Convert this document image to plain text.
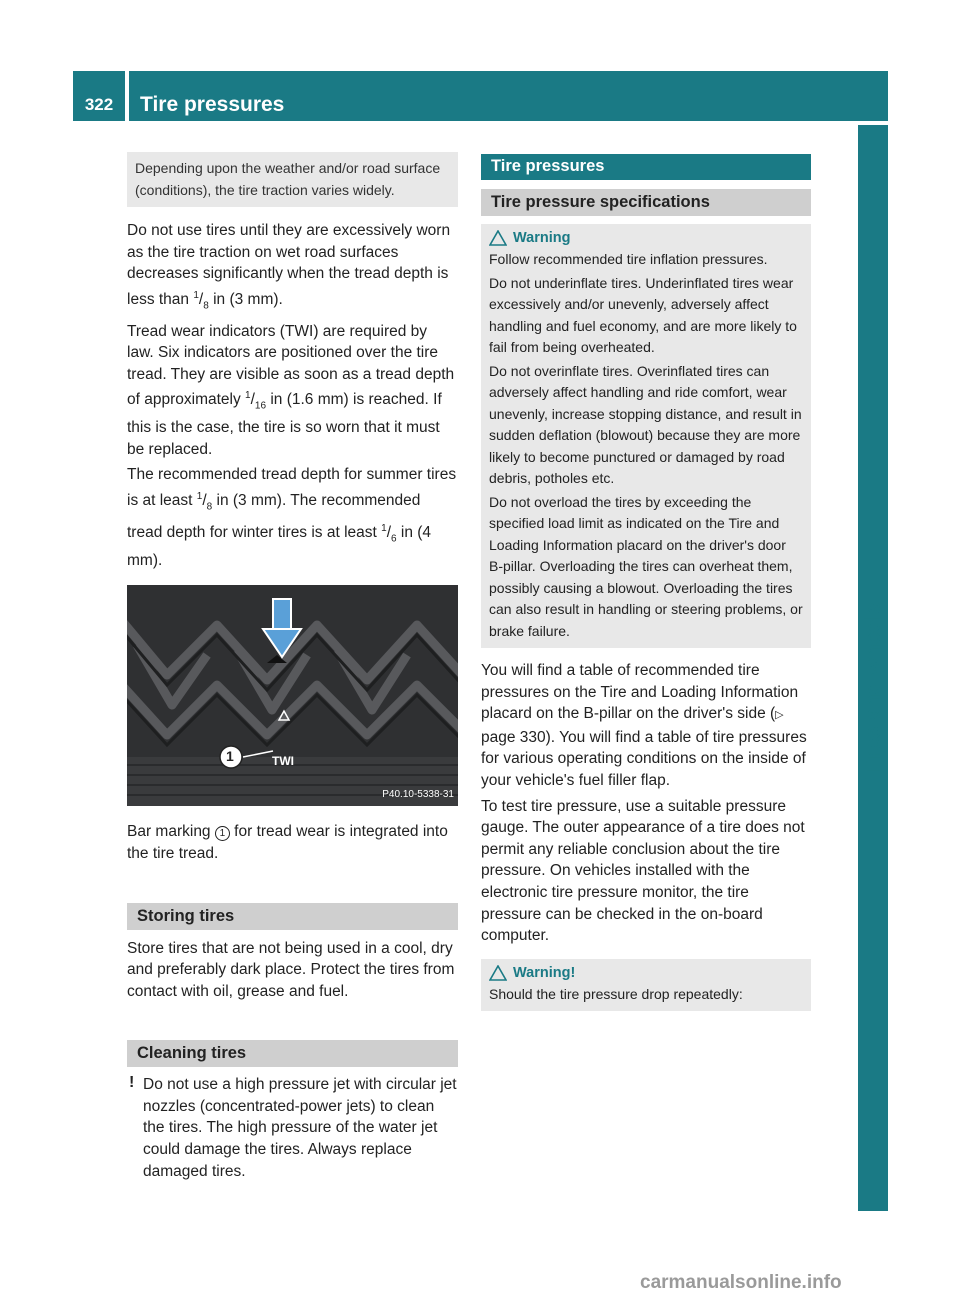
322	Tire pressures
Tires and wheels

Depending upon the weather and/or road surface (conditions), the tire traction varies widely.

Do not use tires until they are excessively worn as the tire traction on wet road surfaces decreases significantly when the tread depth is less than $^1/_8$ in (3 mm).

Tread wear indicators (TWI) are required by law. Six indicators are positioned over the tire tread. They are visible as soon as a tread depth of approximately $^1/_{16}$ in (1.6 mm) is reached. If this is the case, the tire is so worn that it must be replaced.

The recommended tread depth for summer tires is at least $^1/_8$ in (3 mm). The recommended tread depth for winter tires is at least $^1/_6$ in (4 mm).

1	TWI
P40.10-5338-31

Bar marking 1 for tread wear is integrated into the tire tread.

Storing tires

Store tires that are not being used in a cool, dry and preferably dark place. Protect the tires from contact with oil, grease and fuel.

Cleaning tires
! Do not use a high pressure jet with circular jet nozzles (concentrated-power jets) to clean the tires. The high pressure of the water jet could damage the tires. Always replace damaged tires.

Tire pressures
Tire pressure specifications
Warning

Follow recommended tire inflation pressures.

Do not underinflate tires. Underinflated tires wear excessively and/or unevenly, adversely affect handling and fuel economy, and are more likely to fail from being overheated.

Do not overinflate tires. Overinflated tires can adversely affect handling and ride comfort, wear unevenly, increase stopping distance, and result in sudden deflation (blowout) because they are more likely to become punctured or damaged by road debris, potholes etc.

Do not overload the tires by exceeding the specified load limit as indicated on the Tire and Loading Information placard on the driver's door B-pillar. Overloading the tires can overheat them, possibly causing a blowout. Overloading the tires can also result in handling or steering problems, or brake failure.

You will find a table of recommended tire pressures on the Tire and Loading Information placard on the B-pillar on the driver's side (▷ page 330). You will find a table of tire pressures for various operating conditions on the inside of your vehicle's fuel filler flap.

To test tire pressure, use a suitable pressure gauge. The outer appearance of a tire does not permit any reliable conclusion about the tire pressure. On vehicles installed with the electronic tire pressure monitor, the tire pressure can be checked in the on-board computer.

Warning!

Should the tire pressure drop repeatedly:

carmanualsonline.info
